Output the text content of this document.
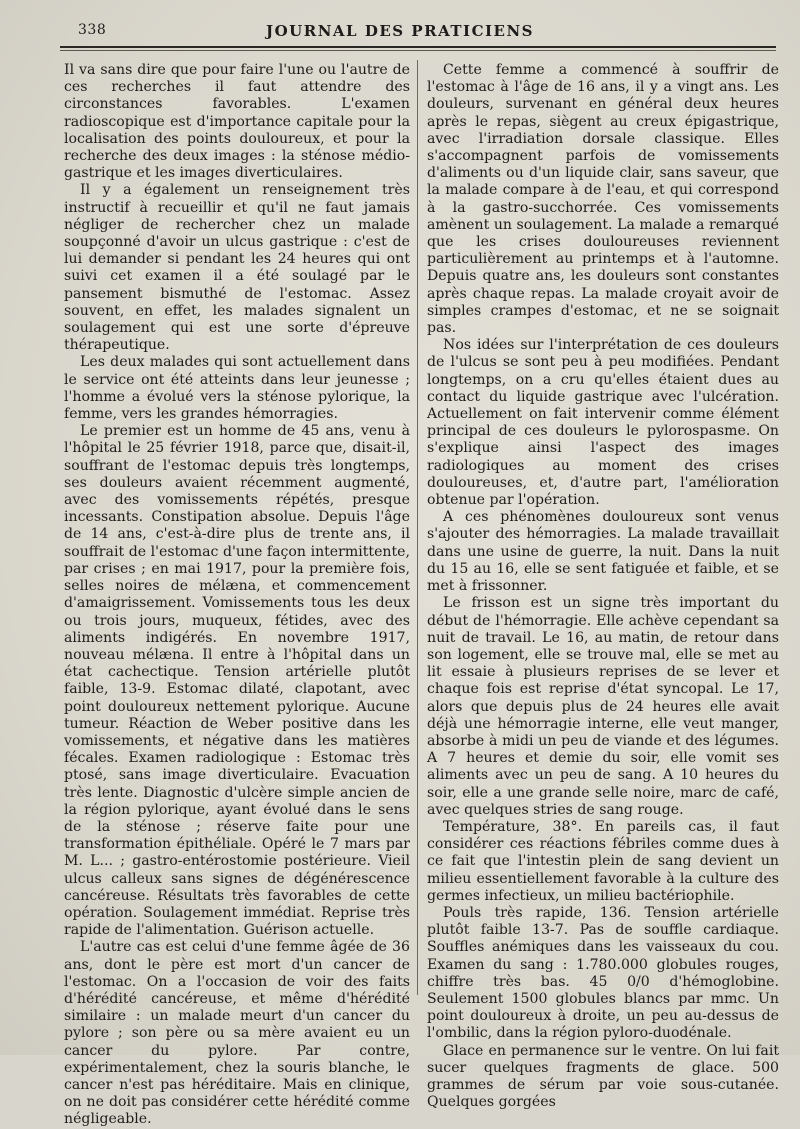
338	JOURNAL DES PRATICIENS

Il va sans dire que pour faire l'une ou l'autre de ces recherches il faut attendre des circonstances favorables. L'examen radioscopique est d'importance capitale pour la localisation des points douloureux, et pour la recherche des deux images : la sténose médio-gastrique et les images diverticulaires.

Il y a également un renseignement très instructif à recueillir et qu'il ne faut jamais négliger de rechercher chez un malade soupçonné d'avoir un ulcus gastrique : c'est de lui demander si pendant les 24 heures qui ont suivi cet examen il a été soulagé par le pansement bismuthé de l'estomac. Assez souvent, en effet, les malades signalent un soulagement qui est une sorte d'épreuve thérapeutique.

Les deux malades qui sont actuellement dans le service ont été atteints dans leur jeunesse ; l'homme a évolué vers la sténose pylorique, la femme, vers les grandes hémorragies.

Le premier est un homme de 45 ans, venu à l'hôpital le 25 février 1918, parce que, disait-il, souffrant de l'estomac depuis très longtemps, ses douleurs avaient récemment augmenté, avec des vomissements répétés, presque incessants. Constipation absolue. Depuis l'âge de 14 ans, c'est-à-dire plus de trente ans, il souffrait de l'estomac d'une façon intermittente, par crises ; en mai 1917, pour la première fois, selles noires de mélæna, et commencement d'amaigrissement. Vomissements tous les deux ou trois jours, muqueux, fétides, avec des aliments indigérés. En novembre 1917, nouveau mélæna. Il entre à l'hôpital dans un état cachectique. Tension artérielle plutôt faible, 13-9. Estomac dilaté, clapotant, avec point douloureux nettement pylorique. Aucune tumeur. Réaction de Weber positive dans les vomissements, et négative dans les matières fécales. Examen radiologique : Estomac très ptosé, sans image diverticulaire. Evacuation très lente. Diagnostic d'ulcère simple ancien de la région pylorique, ayant évolué dans le sens de la sténose ; réserve faite pour une transformation épithéliale. Opéré le 7 mars par M. L... ; gastro-entérostomie postérieure. Vieil ulcus calleux sans signes de dégénérescence cancéreuse. Résultats très favorables de cette opération. Soulagement immédiat. Reprise très rapide de l'alimentation. Guérison actuelle.

L'autre cas est celui d'une femme âgée de 36 ans, dont le père est mort d'un cancer de l'estomac. On a l'occasion de voir des faits d'hérédité cancéreuse, et même d'hérédité similaire : un malade meurt d'un cancer du pylore ; son père ou sa mère avaient eu un cancer du pylore. Par contre, expérimentalement, chez la souris blanche, le cancer n'est pas héréditaire. Mais en clinique, on ne doit pas considérer cette hérédité comme négligeable.

Cette femme a commencé à souffrir de l'estomac à l'âge de 16 ans, il y a vingt ans. Les douleurs, survenant en général deux heures après le repas, siègent au creux épigastrique, avec l'irradiation dorsale classique. Elles s'accompagnent parfois de vomissements d'aliments ou d'un liquide clair, sans saveur, que la malade compare à de l'eau, et qui correspond à la gastro-succhorrée. Ces vomissements amènent un soulagement. La malade a remarqué que les crises douloureuses reviennent particulièrement au printemps et à l'automne. Depuis quatre ans, les douleurs sont constantes après chaque repas. La malade croyait avoir de simples crampes d'estomac, et ne se soignait pas.

Nos idées sur l'interprétation de ces douleurs de l'ulcus se sont peu à peu modifiées. Pendant longtemps, on a cru qu'elles étaient dues au contact du liquide gastrique avec l'ulcération. Actuellement on fait intervenir comme élément principal de ces douleurs le pylorospasme. On s'explique ainsi l'aspect des images radiologiques au moment des crises douloureuses, et, d'autre part, l'amélioration obtenue par l'opération.

A ces phénomènes douloureux sont venus s'ajouter des hémorragies. La malade travaillait dans une usine de guerre, la nuit. Dans la nuit du 15 au 16, elle se sent fatiguée et faible, et se met à frissonner.

Le frisson est un signe très important du début de l'hémorragie. Elle achève cependant sa nuit de travail. Le 16, au matin, de retour dans son logement, elle se trouve mal, elle se met au lit essaie à plusieurs reprises de se lever et chaque fois est reprise d'état syncopal. Le 17, alors que depuis plus de 24 heures elle avait déjà une hémorragie interne, elle veut manger, absorbe à midi un peu de viande et des légumes. A 7 heures et demie du soir, elle vomit ses aliments avec un peu de sang. A 10 heures du soir, elle a une grande selle noire, marc de café, avec quelques stries de sang rouge.

Température, 38°. En pareils cas, il faut considérer ces réactions fébriles comme dues à ce fait que l'intestin plein de sang devient un milieu essentiellement favorable à la culture des germes infectieux, un milieu bactériophile.

Pouls très rapide, 136. Tension artérielle plutôt faible 13-7. Pas de souffle cardiaque. Souffles anémiques dans les vaisseaux du cou. Examen du sang : 1.780.000 globules rouges, chiffre très bas. 45 0/0 d'hémoglobine. Seulement 1500 globules blancs par mmc. Un point douloureux à droite, un peu au-dessus de l'ombilic, dans la région pyloro-duodénale.

Glace en permanence sur le ventre. On lui fait sucer quelques fragments de glace. 500 grammes de sérum par voie sous-cutanée. Quelques gorgées
